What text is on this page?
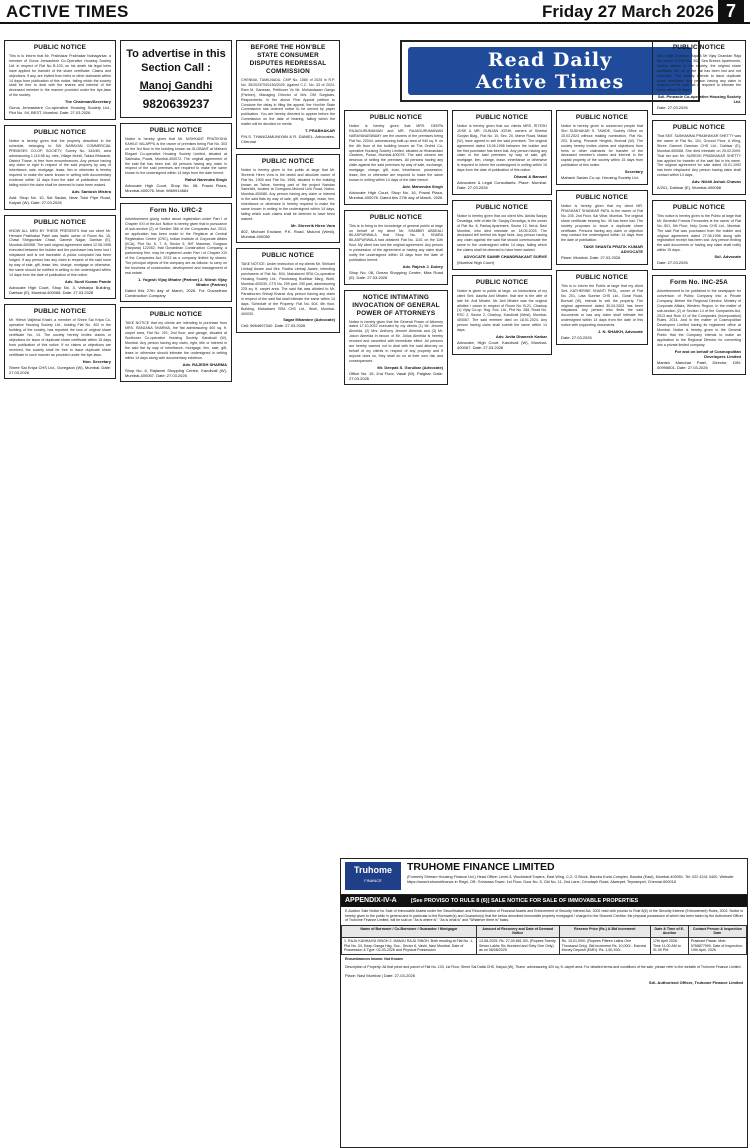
ACTIVE TIMES	Friday 27 March 2026 7
PUBLIC NOTICE
This is to inform that Mr. Prabhakar Prabhakar Nulnagarkar, a member of Gurus Jerwashere Co-Operative Housing Society Ltd. in respect of Flat No B-103, on his death his legal heirs have applied for transfer of the share certificate. Claims and objections, if any, are invited from heirs or other claimants within 14 days from publication of this notice, failing which the society shall be free to deal with the shares and interest of the deceased member in the manner provided under the bye-laws of the society.
The Chairman/Secretary
Gurus Jerwashere Co-operative Housing Society Ltd., Plot No. 94, BEST, Mumbai. Date: 27.03.2026
PUBLIC NOTICE
Notice is hereby given that the property described in the schedule, belonging to SAI NARAYAN COMMERCIAL PREMISES CO-OP. SOCIETY, Survey No. 343/4B, area admeasuring 1,115.98 sq. mtrs, Village Mohili, Taluka Bhiwandi, District Thane, is free from encumbrances. Any person having any claim or right in respect of the said property by way of inheritance, sale, mortgage, lease, lien or otherwise is hereby required to make the same known in writing with documentary evidence within 14 days from the date of publication hereof, failing which the claim shall be deemed to have been waived.
Adv. Santosh Mishra
Add: Shop No. 10, Sai Sadan, Near Tulsi Pipe Road, Kalyan (W). Date: 27.03.2026
PUBLIC NOTICE
KNOW ALL MEN BY THESE PRESENTS that our client Mr. Hemant Prabhakar Patel was lawful owner of Room No. 15, Chawl Shirgaonkar Chawl, Ganesh Nagar, Dahisar (E), Mumbai-400068. The said original agreement dated 12.08.1998 executed between the builder and the purchaser has been lost / misplaced and is not traceable. A police complaint has been lodged. If any person has any claim in respect of the said room by way of sale, gift, lease, lien, charge, mortgage or otherwise, the same should be notified in writing to the undersigned within 14 days from the date of publication of this notice.
Adv. Sunil Kumar Pande
Advocate High Court, Shop No. 3, Vatsalya Building, Dahisar (E), Mumbai-400068. Date: 27.03.2026
PUBLIC NOTICE
Mr. Hitesh Valjibhai Khatri, a member of Shree Sai Kripa Co-operative Housing Society Ltd., holding Flat No. 402 in the building of the society, has reported the loss of original share certificate No. 14. The society hereby invites claims or objections for issue of duplicate share certificate within 15 days from publication of this notice. If no claims or objections are received, the society shall be free to issue duplicate share certificate in such manner as provided under the bye-laws.
Hon. Secretary
Shree Sai Kripa CHS Ltd., Goregaon (W), Mumbai. Date: 27.03.2026
To advertise in this Section Call :
Manoj Gandhi
9820639237
PUBLIC NOTICE
Notice is hereby given that Mr. NISHKANT PRATIKSHA KAHILE VALAPPIL is the owner of premises being Flat No. 303 on the 3rd floor in the building known as GLOBANT at Mahavir Elegant Co-operative Housing Society Limited, situated at Sakinaka, Powai, Mumbai-400072. The original agreement of the said flat has been lost. All persons having any claim in respect of the said premises are required to make the same known to the undersigned within 14 days from the date hereof.
Rahul Narendra Singh
Advocate High Court, Shop No. 08, Powai Plaza, Mumbai-400076. Mob: 9869914664
Form No. URC-2
Advertisement giving notice about registration under Part I of Chapter XXI of the Act. Notice is hereby given that in pursuance of sub-section (2) of Section 366 of the Companies Act, 2013, an application has been made to the Registrar at Central Registration Centre (CRC), Indian Institute of Corporate Affairs (IICA), Plot No. 6, 7, 8, Sector 5, IMT Manesar, Gurgaon (Haryana) 122052, that Govardhan Construction Company, a partnership firm, may be registered under Part I of Chapter XXI of the Companies Act, 2013 as a company limited by shares. The principal objects of the company are as follows: to carry on the business of construction, development and management of real estate.
1. Yogesh Vijay Mhatre (Partner) 2. Nilesh Vijay Mhatre (Partner)
Dated this 27th day of March, 2026. For Govardhan Construction Company
PUBLIC NOTICE
TAKE NOTICE that my clients are intending to purchase from MRS. RANJANA SHARMA, the flat admeasuring 400 sq. ft. carpet area, Flat No. 201, 2nd floor, and garage, situated at Sunflower Co-operative Housing Society, Kandivali (W), Mumbai. Any person having any claim, right, title or interest in the said flat by way of inheritance, mortgage, lien, sale, gift, lease or otherwise should intimate the undersigned in writing within 14 days along with documentary evidence.
Adv. RAJESH SHARMA
Shop No. 6, Rajlaxmi Shopping Centre, Kandivali (W), Mumbai-400067. Date: 27.03.2026
BEFORE THE HON'BLE STATE CONSUMER DISPUTES REDRESSAL COMMISSION
CHENNAI, TAMILNADU. CMP No. 1580 of 2025 in R.P. No. 35/2023/TN/1150/2025. Against C.C. No. 33 of 2024. Ram M. Ganesan, Petitioner Vs Mr. Mohandasan Gangu (Partner), Managing Director of M/s. DM Surgicals, Respondents. In the above First Appeal petition to Condone the delay in filing the appeal, the Hon'ble State Commission has ordered notice to be served by paper publication. You are hereby directed to appear before the Commission on the date of hearing, failing which the matter will be decided on merits.
T. PRABHAKAR
P.N.S. THANGAMUNIYAN & R. DANIEL, Advocates, Chennai
PUBLIC NOTICE
Notice is hereby given to the public at large that Mr. Shreerik Hiren Vora is the lawful and absolute owner of Flat No. 1905 and Flat No. 1906, situated in the building known as Tahoe, forming part of the project Nandan Samridhi, located at Goregaon-Mulund Link Road, Nahur, Mumbai-400080. Any person having any claim or interest in the said flats by way of sale, gift, mortgage, lease, lien, inheritance or otherwise is hereby required to make the same known in writing to the undersigned within 14 days, failing which such claims shall be deemed to have been waived.
Mr. Shreerik Hiren Vora
802, Michael Enclave, P.K. Road, Mulund (West), Mumbai-400080
PUBLIC NOTICE
TAKE NOTICE: Under instruction of my clients Mr. Shrikant Limbaji Aware and Mrs. Radha Limbaji Aware, intending purchasers of Flat No. 604, Mahalaxmi SRA Co-operative Housing Society Ltd., Pandurang Budhkar Marg, Worli, Mumbai-400030, CTS No. 299 part, 290 part, admeasuring 225 sq. ft. carpet area. The said flat was allotted to Mr. Parashuram Shivaji Kharat. Any person having any claim in respect of the said flat shall intimate the same within 14 days. Schedule of the Property: Flat No. 604, 6th floor, Building, Mahalaxmi SRA CHS Ltd., Worli, Mumbai-400030.
Sagar Mhambre (Advocate)
Cell: 9664697340. Date: 27.03.2026
Read Daily
Active Times
PUBLIC NOTICE
Notice is hereby given that MRS. DEEPA RAJAGURUMANIAN and MR. RAJAGURUMANIAN NARAYANASWAMY are the owners of the premises being Flat No. 22044, admeasuring built-up area of 940 sq. ft. on the 4th floor of the building known as The Orchid Co-operative Housing Society Limited, situated at Hiranandani Gardens, Powai, Mumbai-400076. The said owners are desirous of selling the premises. All persons having any claim against the said premises by way of sale, exchange, mortgage, charge, gift, trust, inheritance, possession, lease, lien or otherwise are required to make the same known in writing within 14 days of the date hereof.
Adv. Mahendra Singh
Advocate High Court, Shop No. 16, Powai Plaza, Mumbai-400076. Dated this 27th day of March, 2026
PUBLIC NOTICE
This is to bring to the knowledge of general public at large on behalf of my client Mr. SHABBIR ABDEALI BILASPURWALA that Shop No. 5 SHARA BILASPURWALA had obtained Flat No. 1101 on the 11th floor. My client has lost the original agreement. Any person in possession of the agreement or having any claim shall notify the undersigned within 15 days from the date of publication hereof.
Adv. Rajesh J. Dubey
Shop No. 08, Ocean Shopping Centre, Mira Road (E). Date: 27.03.2026
NOTICE INTIMATING INVOCATION OF GENERAL POWER OF ATTORNEYS
Notice is hereby given that the General Power of Attorney dated 17.10.2022 executed by my clients (1) Mr. Jerome Almeida, (2) Mrs. Anthony Jerome Almeida and (3) Mr. Jason Almeida in favour of Mr. Julius Almeida is hereby revoked and cancelled with immediate effect. All persons are hereby warned not to deal with the said attorney on behalf of my clients in respect of any property and if anyone does so, they shall do so at their own risk and consequences.
Mr. Deepak S. Gorulkar (Advocate)
Office No. 15, 2nd Floor, Vasai (W), Palghar. Date: 27.03.2026
PUBLIC NOTICE
Notice is hereby given that our clients MRS. RITESH JOSE & MR. GUNJAN JOSHI, owners of Sheetal Gunjan Bldg., Flat No. 10, Sec. 20, Marve Road, Malad (W), have agreed to sell the said premises. The original agreement dated 15.06.1998 between the builder and the first purchaser has been lost. Any person having any claim in the said premises by way of sale, gift, mortgage, lien, charge, lease, inheritance or otherwise is required to inform the undersigned in writing within 15 days from the date of publication of this notice.
Dhaval & Bansari
Advocates & Legal Consultants. Place: Mumbai. Date: 27.03.2026
PUBLIC NOTICE
Notice is hereby given that our client Mrs. Ankita Sanjay Devadiga, wife of late Mr. Sanjay Devadiga, is the owner of Flat No. 8, Pankaj Apartment, Sector 12, Nerul, Navi Mumbai, who died intestate on 18.05.2025. The deceased left behind his legal heirs. Any person having any claim against the said flat should communicate the same to the undersigned within 14 days, failing which the claims shall be deemed to have been waived.
ADVOCATE SAMIR CHANDRAKANT SURVE
(Mumbai High Court)
PUBLIC NOTICE
Notice is given to public at large, on instructions of my client Smt. Aasrita Anil Mhatre, that she is the wife of late Mr. Anil Mhatre. Mr. Anil Mhatre was the original allottee / owner in respect of Room No. B-21, Charkop (1) Vijay Co-op. Hsg. Soc. Ltd., Plot No. 268, Road No. RSC 2, Sector 2, Charkop, Kandivali (West), Mumbai-400067. The said member died on 18.01.2024. Any person having claim shall submit the same within 14 days.
Adv. Anita Dhanesh Karkar
Advocate, High Court, Kandivali (W), Mumbai-400067. Date: 27.03.2026
PUBLIC NOTICE
Notice is hereby given to concerned people that Shri SUDHAKAR S. TAWDE, Society Office on 15.03.2024 without making nomination, Flat No. 203, B-wing, Pinnacle Heights, Borivali (W). The society hereby invites claims and objections from heirs or other claimants for transfer of the deceased member's shares and interest in the capital property of the society within 15 days from publication of this notice.
Secretary
Mahavir Sadan Co-op. Housing Society Ltd.
PUBLIC NOTICE
Notice is hereby given that my client MR. PRASHANT SHANKAR PATIL is the owner of Flat No. 205, 2nd Floor, Sai Vihar, Mumbai. The original share certificate bearing No. 45 has been lost. The society proposes to issue a duplicate share certificate. Persons having any claim or objection may contact the undersigned within 14 days from the date of publication.
TAKE SHANTA PRATIK KUMAR ADVOCATE
Place: Mumbai. Date: 27.03.2026
PUBLIC NOTICE
This is to inform the Public at large that my client Smt. KATHERINE SHANTI PATIL, owner of Flat No. 201, Lata Sunrise CHS Ltd., Gorai Road, Borivali (W), intends to sell the property. The original agreement dated 30.04.2003 has been misplaced. Any person who finds the said documents or has any claim shall intimate the undersigned within 14 days from the date of this notice with supporting documents.
J. N. SHAIKH, Advocate
Date: 27.03.2026
PUBLIC NOTICE
Mrs. Kajal Chandan Raja & Mr Vijay Chandan Raja the owner of Flat No. 302, Sea Breeze Apartments, having shares in the society, the original share certificate No. 42 of the flat has been lost and not traceable. The society intends to issue duplicate share certificate. Any person having any claim in respect of the said flat is required to intimate the same within 15 days.
Sd/- Pinnacle Co-operative Housing Society Ltd.
Date: 27.03.2026
PUBLIC NOTICE
That SMT. SUBHAMMA PRABHAKAR SHETTY was the owner of Flat No. 101, Ground Floor, A Wing, Shree Ganesh Darshan CHS Ltd., Dahisar (E), Mumbai-400068. She died intestate on 25.02.2009. That her son Mr. SURESH PRABHAKAR SHETTY has applied for transfer of the said flat in his name. The original agreement for sale dated 15.01.1992 has been misplaced. Any person having claim shall contact within 14 days.
Adv. Nikhil Ashok Chavan
A/201, Dahisar (E), Mumbai-400068
PUBLIC NOTICE
This notice is hereby given to the Public at large that Mr. Benedict Francis Fernandes is the owner of Flat No. 501, 5th Floor, Holy Cross CHS Ltd., Mumbai. The said Flat was purchased from the builder and original agreement dated 27.08.1998 along with registration receipt has been lost. Any person finding the said documents or having any claim shall notify within 15 days.
Sd/- Advocate
Date: 27.03.2026
Form No. INC-25A
Advertisement to be published in the newspaper for conversion of Public Company into a Private Company. Before the Regional Director, Ministry of Corporate Affairs, Western Region. In the matter of sub-section (2) of Section 14 of the Companies Act, 2013 and Rule 41 of the Companies (Incorporation) Rules, 2014. And in the matter of Cosmopolitan Developers Limited having its registered office at Mumbai. Notice is hereby given to the General Public that the Company intends to make an application to the Regional Director for converting into a private limited company.
For and on behalf of Cosmopolitan Developers Limited
Manish Manohar Patel, Director, DIN: 00995601. Date: 27.03.2026
Truhome
FINANCE
TRUHOME FINANCE LIMITED
(Formerly Shriram Housing Finance Ltd.) Head Office: Level-3, Wockhardt Towers, East Wing, C-2, G Block, Bandra Kurla Complex, Bandra (East), Mumbai-400051. Tel: 022 4241 0400. Website: https://www.truhomefinance.in Regd. Off.: Srinivasa Tower, 1st Floor, Door No. 5, Old No. 11, 2nd Lane, Cenotaph Road, Alwarpet, Teynampet, Chennai-600018
APPENDIX-IV-A	[See PROVISO TO RULE 8 (6)] SALE NOTICE FOR SALE OF IMMOVABLE PROPERTIES
E-Auction Sale Notice for Sale of Immovable Assets under the Securitisation and Reconstruction of Financial Assets and Enforcement of Security Interest Act, 2002 read with proviso to Rule 8(6) of the Security Interest (Enforcement) Rules, 2002. Notice is hereby given to the public in general and in particular to the Borrower(s) and Guarantor(s) that the below described immovable property mortgaged / charged to the Secured Creditor, the physical possession of which has been taken by the Authorised Officer of Truhome Finance Limited, will be sold on "As is where is", "As is what is" and "Whatever there is" basis.
Name of Borrower / Co-Borrower / Guarantor / Mortgagor	Amount of Recovery and Date of Demand Notice	Reserve Price (Rs.) & Bid Increment	Date & Time of E-Auction	Contact Person & Inspection Date
1. RAJU KANHAIYA SINGH 2. MANJU RAJU SINGH. Both residing at Flat No. 1, Plot No. 34, Deep Ganga Hsg. Soc., Sector 6, Vashi, Navi Mumbai. Date of Possession & Type: 02-03-2026 and Physical Possession	13-08-2025. Rs. 27,00,661.00/- (Rupees Twenty Seven Lakhs Six Hundred and Sixty One Only) as on 08/08/2025	Rs. 15,01,000/- (Rupees Fifteen Lakhs One Thousand Only). Bid increment Rs. 10,000/-. Earnest Money Deposit (EMD): Rs. 1,50,100/-	17th April 2026. Time 11.00 AM to 01.00 PM	Prashant Pawar. Mob: 9768877990. Date of Inspection: 10th April, 2026
Encumbrances known: Not Known
Description of Property: All that piece and parcel of Flat No. 103, 1st Floor, Shree Sai Datta CHS, Kalyan (W), Thane, admeasuring 420 sq. ft. carpet area. For detailed terms and conditions of the sale, please refer to the website of Truhome Finance Limited.
Place: Navi Mumbai | Date: 27-03-2026
Sd/- Authorised Officer, Truhome Finance Limited
